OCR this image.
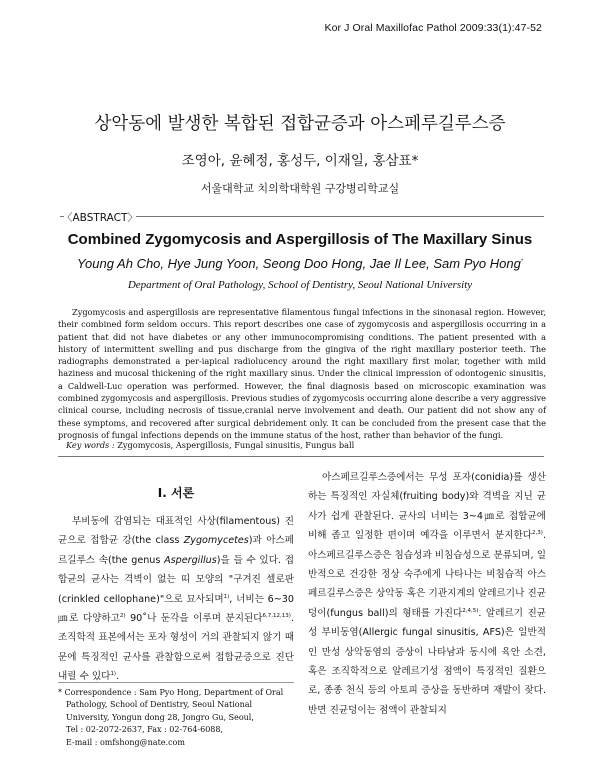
Kor J Oral Maxillofac Pathol 2009:33(1):47-52
상악동에 발생한 복합된 접합균증과 아스페루길루스증
조영아, 윤혜정, 홍성두, 이재일, 홍삼표*
서울대학교 치의학대학원 구강병리학교실
〈ABSTRACT〉
Combined Zygomycosis and Aspergillosis of The Maxillary Sinus
Young Ah Cho, Hye Jung Yoon, Seong Doo Hong, Jae Il Lee, Sam Pyo Hong*
Department of Oral Pathology, School of Dentistry, Seoul National University

Zygomycosis and aspergillosis are representative filamentous fungal infections in the sinonasal region. However, their combined form seldom occurs. This report describes one case of zygomycosis and aspergillosis occurring in a patient that did not have diabetes or any other immunocompromising conditions. The patient presented with a history of intermittent swelling and pus discharge from the gingiva of the right maxillary posterior teeth. The radiographs demonstrated a per-iapical radiolucency around the right maxillary first molar, together with mild haziness and mucosal thickening of the right maxillary sinus. Under the clinical impression of odontogenic sinusitis, a Caldwell-Luc operation was performed. However, the final diagnosis based on microscopic examination was combined zygomycosis and aspergillosis. Previous studies of zygomycosis occurring alone describe a very aggressive clinical course, including necrosis of tissue,cranial nerve involvement and death. Our patient did not show any of these symptoms, and recovered after surgical debridement only. It can be concluded from the present case that the prognosis of fungal infections depends on the immune status of the host, rather than behavior of the fungi.

Key words : Zygomycosis, Aspergillosis, Fungal sinusitis, Fungus ball
I. 서론

부비동에 감염되는 대표적인 사상(filamentous) 진균으로 접합균 강(the class Zygomycetes)과 아스페르길루스 속(the genus Aspergillus)을 들 수 있다. 접합균의 균사는 격벽이 없는 띠 모양의 "구겨진 셀로판(crinkled cellophane)"으로 묘사되며$^{1)}$, 너비는 6~30㎛로 다양하고$^{2)}$ 90˚나 둔각을 이루며 분지된다$^{6,7,12,13)}$. 조직학적 표본에서는 포자 형성이 거의 관찰되지 않기 때문에 특징적인 균사를 관찰함으로써 접합균증으로 진단내릴 수 있다$^{1)}$.

아스페르길루스증에서는 무성 포자(conidia)를 생산하는 특징적인 자실체(fruiting body)와 격벽을 지닌 균사가 쉽게 관찰된다. 균사의 너비는 3~4㎛로 접합균에 비해 좁고 일정한 편이며 예각을 이루면서 분지한다$^{2,3)}$. 아스페르길루스증은 침습성과 비침습성으로 분류되며, 일반적으로 건강한 정상 숙주에게 나타나는 비침습적 아스페르길루스증은 상악동 혹은 기관지계의 알레르기나 진균덩이(fungus ball)의 형태를 가진다$^{2,4,5)}$. 알레르기 진균성 부비동염(Allergic fungal sinusitis, AFS)은 일반적인 만성 상악동염의 증상이 나타남과 동시에 육안 소견, 혹은 조직학적으로 알레르기성 점액이 특징적인 질환으로, 종종 천식 등의 아토피 증상을 동반하며 재발이 잦다. 반면 진균덩이는 점액이 관찰되지

* Correspondence : Sam Pyo Hong, Department of Oral
Pathology, School of Dentistry, Seoul National
University, Yongun dong 28, Jongro Gu, Seoul,
Tel : 02-2072-2637, Fax : 02-764-6088,
E-mail : omfshong@nate.com
